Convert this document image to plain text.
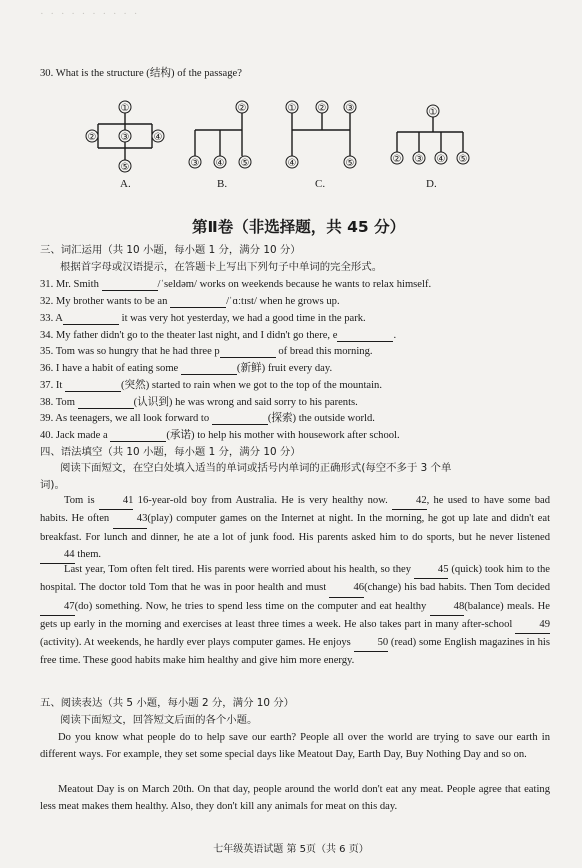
· · · · · · · · · ·
30. What is the structure (结构) of the passage?
①
② ③ ④
⑤
②
③ ④ ⑤
① ② ③
④	⑤
①
② ③ ④ ⑤
A.	B.	C.	D.
第Ⅱ卷（非选择题，共 45 分）
三、词汇运用（共 10 小题，每小题 1 分，满分 10 分）
根据首字母或汉语提示，在答题卡上写出下列句子中单词的完全形式。
31. Mr. Smith	/ˈseldəm/ works on weekends because he wants to relax himself.
32. My brother wants to be an	/ˈɑːtɪst/ when he grows up.
33. A	it was very hot yesterday, we had a good time in the park.
34. My father didn't go to the theater last night, and I didn't go there, e	.
35. Tom was so hungry that he had three p	of bread this morning.
36. I have a habit of eating some	(新鲜) fruit every day.
37. It	(突然) started to rain when we got to the top of the mountain.
38. Tom	(认识到) he was wrong and said sorry to his parents.
39. As teenagers, we all look forward to	(探索) the outside world.
40. Jack made a	(承诺) to help his mother with housework after school.
四、语法填空（共 10 小题，每小题 1 分，满分 10 分）
阅读下面短文，在空白处填入适当的单词或括号内单词的正确形式(每空不多于 3 个单
词)。
Tom is	41 16-year-old boy from Australia. He is very healthy now.	42, he used to have some bad habits. He often	43(play) computer games on the Internet at night. In the morning, he got up late and didn't eat breakfast. For lunch and dinner, he ate a lot of junk food. His parents asked him to do sports, but he never listened 44 them.
Last year, Tom often felt tired. His parents were worried about his health, so they	45 (quick) took him to the hospital. The doctor told Tom that he was in poor health and must	46(change) his bad habits. Then Tom decided 47(do) something. Now, he tries to spend less time on the computer and eat healthy	48(balance) meals. He gets up early in the morning and exercises at least three times a week. He also takes part in many after-school	49(activity). At weekends, he hardly ever plays computer games. He enjoys	50 (read) some English magazines in his free time. These good habits make him healthy and give him more energy.
五、阅读表达（共 5 小题，每小题 2 分，满分 10 分）
阅读下面短文，回答短文后面的各个小题。
Do you know what people do to help save our earth? People all over the world are trying to save our earth in different ways. For example, they set some special days like Meatout Day, Earth Day, Buy Nothing Day and so on.
Meatout Day is on March 20th. On that day, people around the world don't eat any meat. People agree that eating less meat makes them healthy. Also, they don't kill any animals for meat on this day.
七年级英语试题 第 5页（共 6 页）
